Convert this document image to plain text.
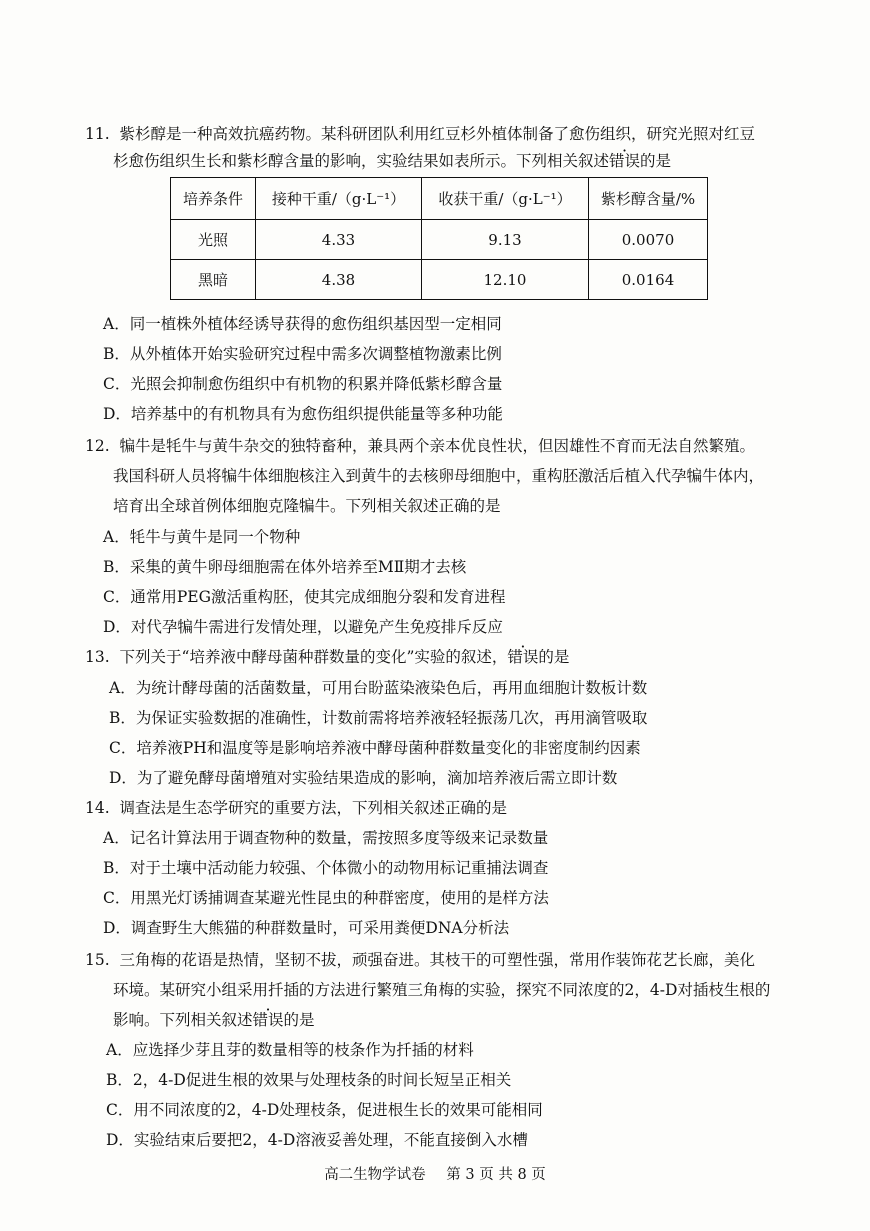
11. 紫杉醇是一种高效抗癌药物。某科研团队利用红豆杉外植体制备了愈伤组织，研究光照对红豆
杉愈伤组织生长和紫杉醇含量的影响，实验结果如表所示。下列相关叙述错误的是
培养条件	接种干重/（g·L⁻¹）	收获干重/（g·L⁻¹）	紫杉醇含量/%
光照	4.33	9.13	0.0070
黑暗	4.38	12.10	0.0164
A．同一植株外植体经诱导获得的愈伤组织基因型一定相同
B．从外植体开始实验研究过程中需多次调整植物激素比例
C．光照会抑制愈伤组织中有机物的积累并降低紫杉醇含量
D．培养基中的有机物具有为愈伤组织提供能量等多种功能
12. 犏牛是牦牛与黄牛杂交的独特畜种，兼具两个亲本优良性状，但因雄性不育而无法自然繁殖。
我国科研人员将犏牛体细胞核注入到黄牛的去核卵母细胞中，重构胚激活后植入代孕犏牛体内，
培育出全球首例体细胞克隆犏牛。下列相关叙述正确的是
A．牦牛与黄牛是同一个物种
B．采集的黄牛卵母细胞需在体外培养至MⅡ期才去核
C．通常用PEG激活重构胚，使其完成细胞分裂和发育进程
D．对代孕犏牛需进行发情处理，以避免产生免疫排斥反应
13. 下列关于“培养液中酵母菌种群数量的变化”实验的叙述，错误的是
A．为统计酵母菌的活菌数量，可用台盼蓝染液染色后，再用血细胞计数板计数
B．为保证实验数据的准确性，计数前需将培养液轻轻振荡几次，再用滴管吸取
C．培养液PH和温度等是影响培养液中酵母菌种群数量变化的非密度制约因素
D．为了避免酵母菌增殖对实验结果造成的影响，滴加培养液后需立即计数
14. 调查法是生态学研究的重要方法，下列相关叙述正确的是
A．记名计算法用于调查物种的数量，需按照多度等级来记录数量
B．对于土壤中活动能力较强、个体微小的动物用标记重捕法调查
C．用黑光灯诱捕调查某避光性昆虫的种群密度，使用的是样方法
D．调查野生大熊猫的种群数量时，可采用粪便DNA分析法
15. 三角梅的花语是热情，坚韧不拔，顽强奋进。其枝干的可塑性强，常用作装饰花艺长廊，美化
环境。某研究小组采用扦插的方法进行繁殖三角梅的实验，探究不同浓度的2，4-D对插枝生根的
影响。下列相关叙述错误的是
A．应选择少芽且芽的数量相等的枝条作为扦插的材料
B．2，4-D促进生根的效果与处理枝条的时间长短呈正相关
C．用不同浓度的2，4-D处理枝条，促进根生长的效果可能相同
D．实验结束后要把2，4-D溶液妥善处理，不能直接倒入水槽
高二生物学试卷 第 3 页 共 8 页
